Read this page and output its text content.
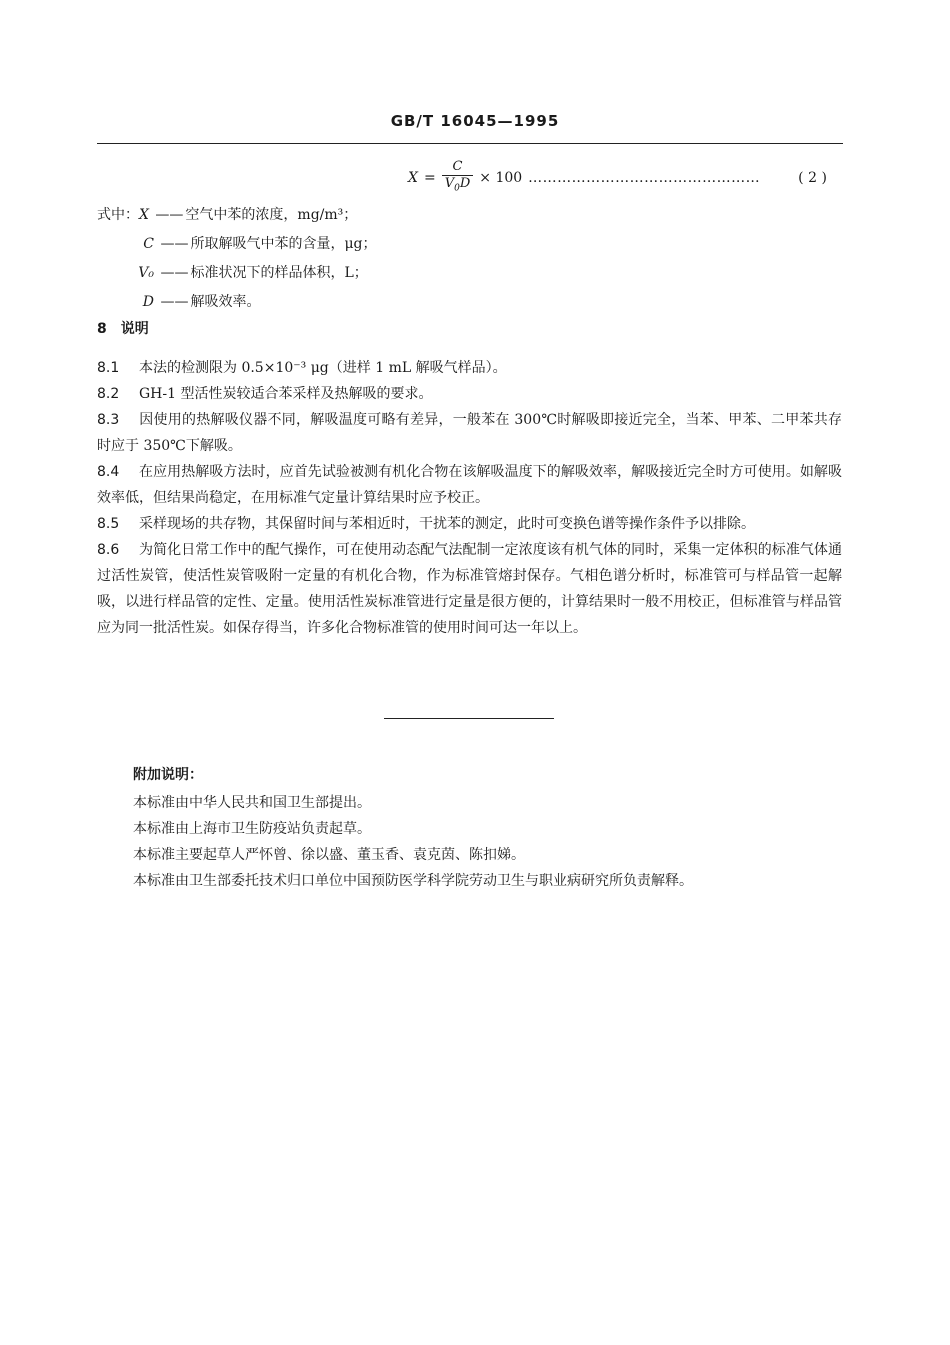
GB/T 16045—1995
$X = \frac{C}{V_0D} \times 100$ …………………………………………	( 2 )
式中：X —— 空气中苯的浓度，mg/m³；
C —— 所取解吸气中苯的含量，μg；
V₀ —— 标准状况下的样品体积，L；
D —— 解吸效率。
8 说明

8.1 本法的检测限为 0.5×10⁻³ μg（进样 1 mL 解吸气样品）。

8.2 GH-1 型活性炭较适合苯采样及热解吸的要求。

8.3 因使用的热解吸仪器不同，解吸温度可略有差异，一般苯在 300℃时解吸即接近完全，当苯、甲苯、二甲苯共存时应于 350℃下解吸。

8.4 在应用热解吸方法时，应首先试验被测有机化合物在该解吸温度下的解吸效率，解吸接近完全时方可使用。如解吸效率低，但结果尚稳定，在用标准气定量计算结果时应予校正。

8.5 采样现场的共存物，其保留时间与苯相近时，干扰苯的测定，此时可变换色谱等操作条件予以排除。

8.6 为简化日常工作中的配气操作，可在使用动态配气法配制一定浓度该有机气体的同时，采集一定体积的标准气体通过活性炭管，使活性炭管吸附一定量的有机化合物，作为标准管熔封保存。气相色谱分析时，标准管可与样品管一起解吸，以进行样品管的定性、定量。使用活性炭标准管进行定量是很方便的，计算结果时一般不用校正，但标准管与样品管应为同一批活性炭。如保存得当，许多化合物标准管的使用时间可达一年以上。

附加说明：

本标准由中华人民共和国卫生部提出。

本标准由上海市卫生防疫站负责起草。

本标准主要起草人严怀曾、徐以盛、董玉香、袁克茵、陈扣娣。

本标准由卫生部委托技术归口单位中国预防医学科学院劳动卫生与职业病研究所负责解释。
